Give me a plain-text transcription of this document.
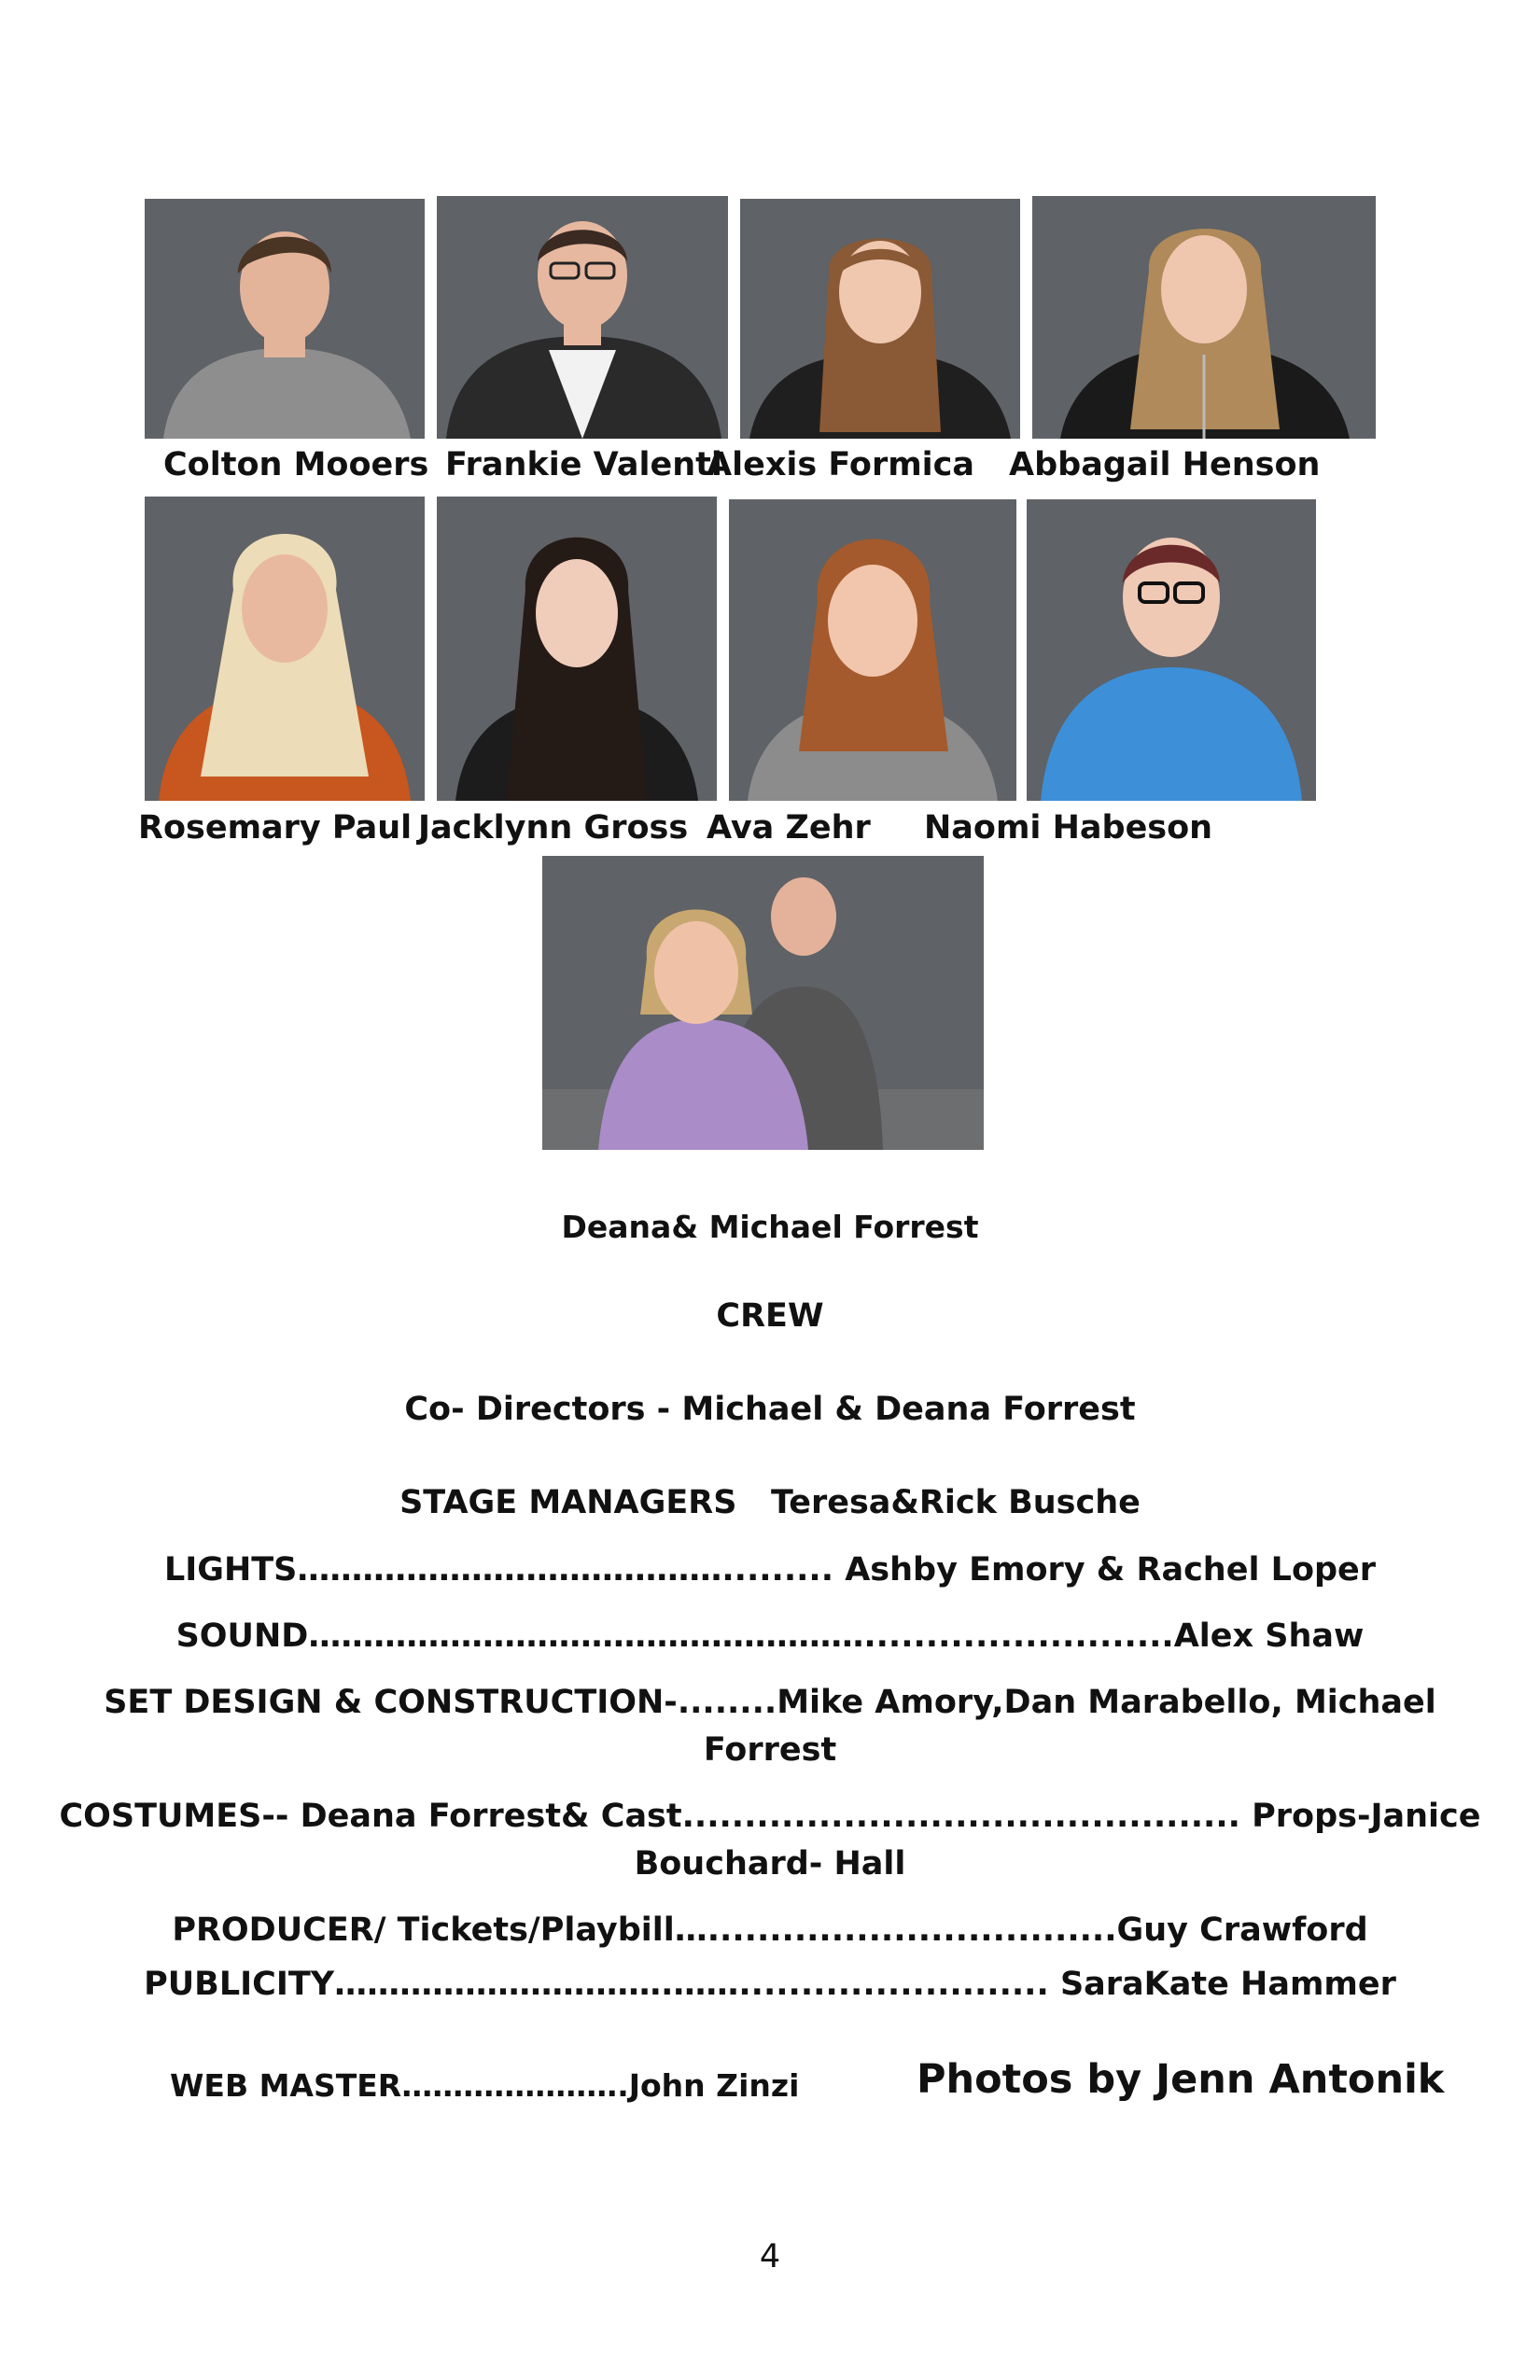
Colton Mooers Frankie Valenti
Alexis Formica Abbagail Henson
Rosemary Paul Jacklynn Gross Ava Zehr Naomi Habeson
Deana& Michael Forrest
CREW
Co- Directors - Michael & Deana Forrest
STAGE MANAGERS   Teresa&Rick Busche
LIGHTS…………………………………......... Ashby Emory & Rachel Loper
SOUND…………………………………………….........................Alex Shaw
SET DESIGN & CONSTRUCTION-........Mike Amory,Dan Marabello, Michael
Forrest
COSTUMES-- Deana Forrest& Cast............................................. Props-Janice
Bouchard- Hall
PRODUCER/ Tickets/Playbill….................................Guy Crawford
PUBLICITY………………………….……......................... SaraKate Hammer
WEB MASTER………………….John Zinzi	Photos by Jenn Antonik
4
